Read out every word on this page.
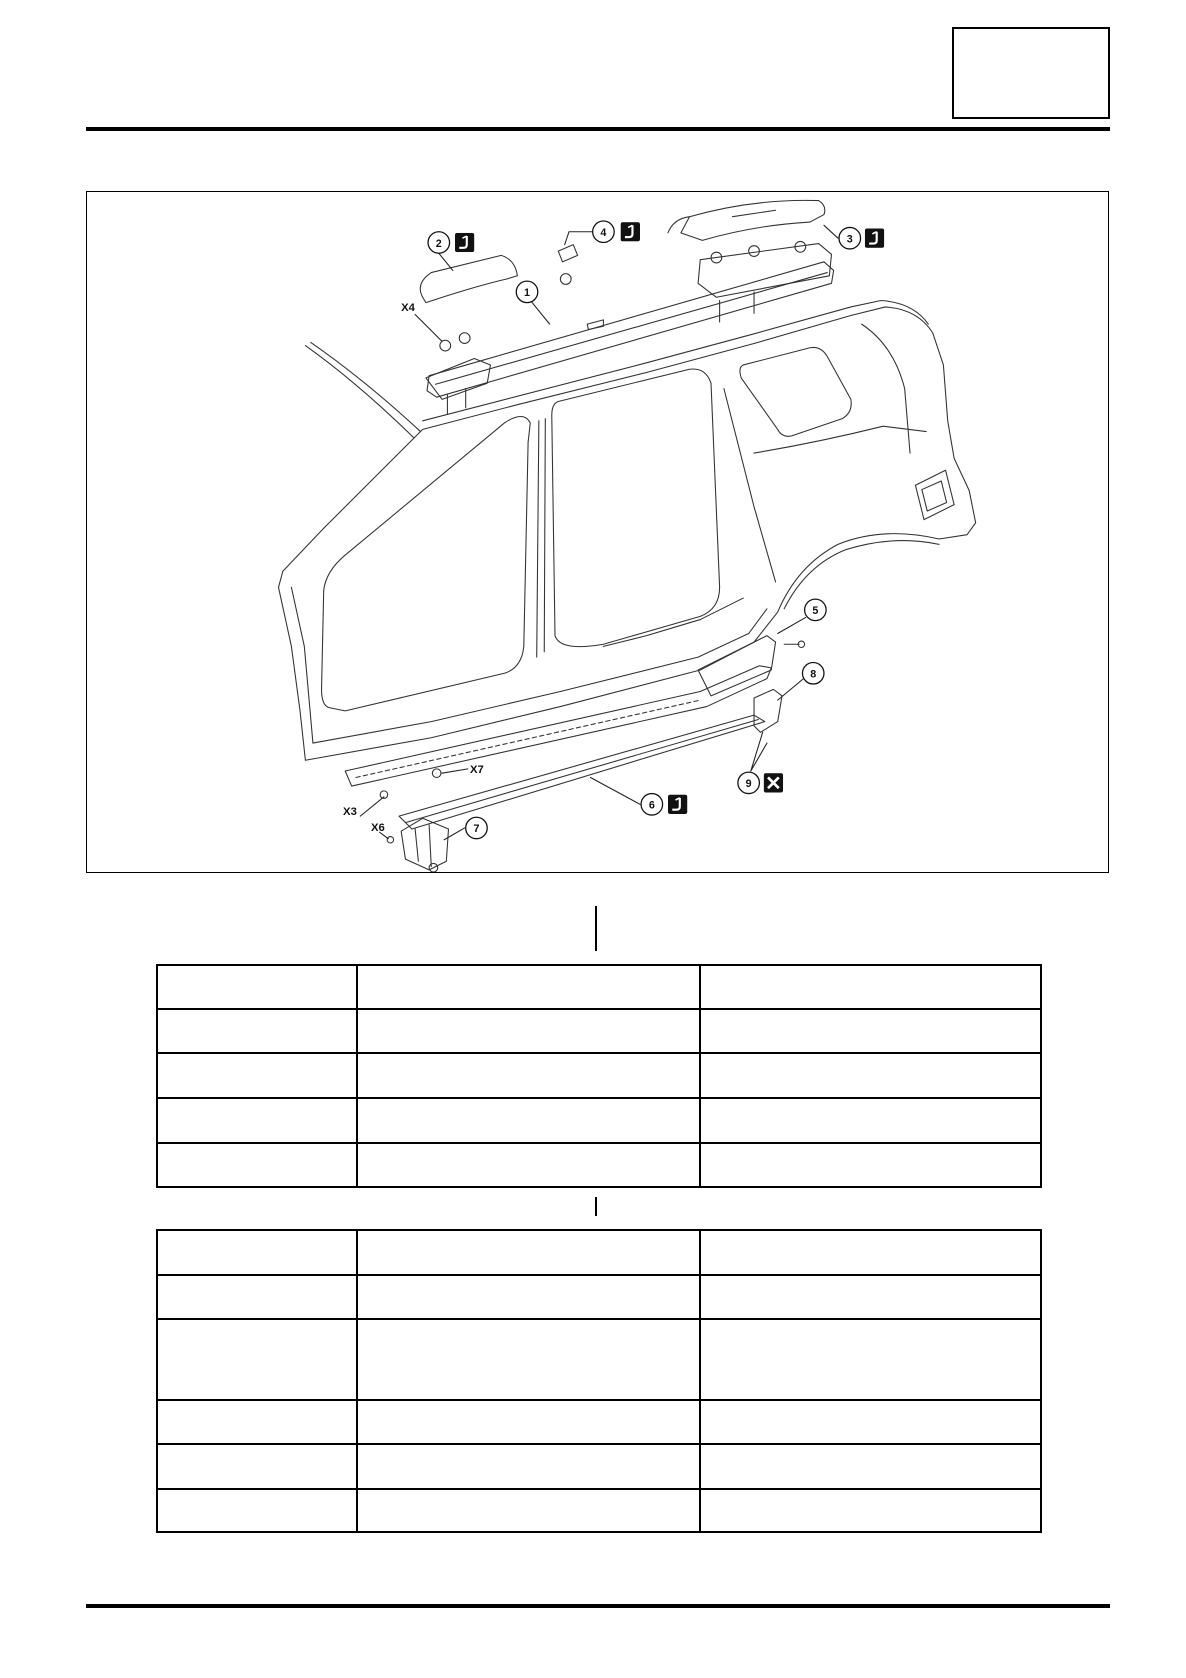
1
2	3
4
5
6
7
8
9
X4
X7
X3
X6
